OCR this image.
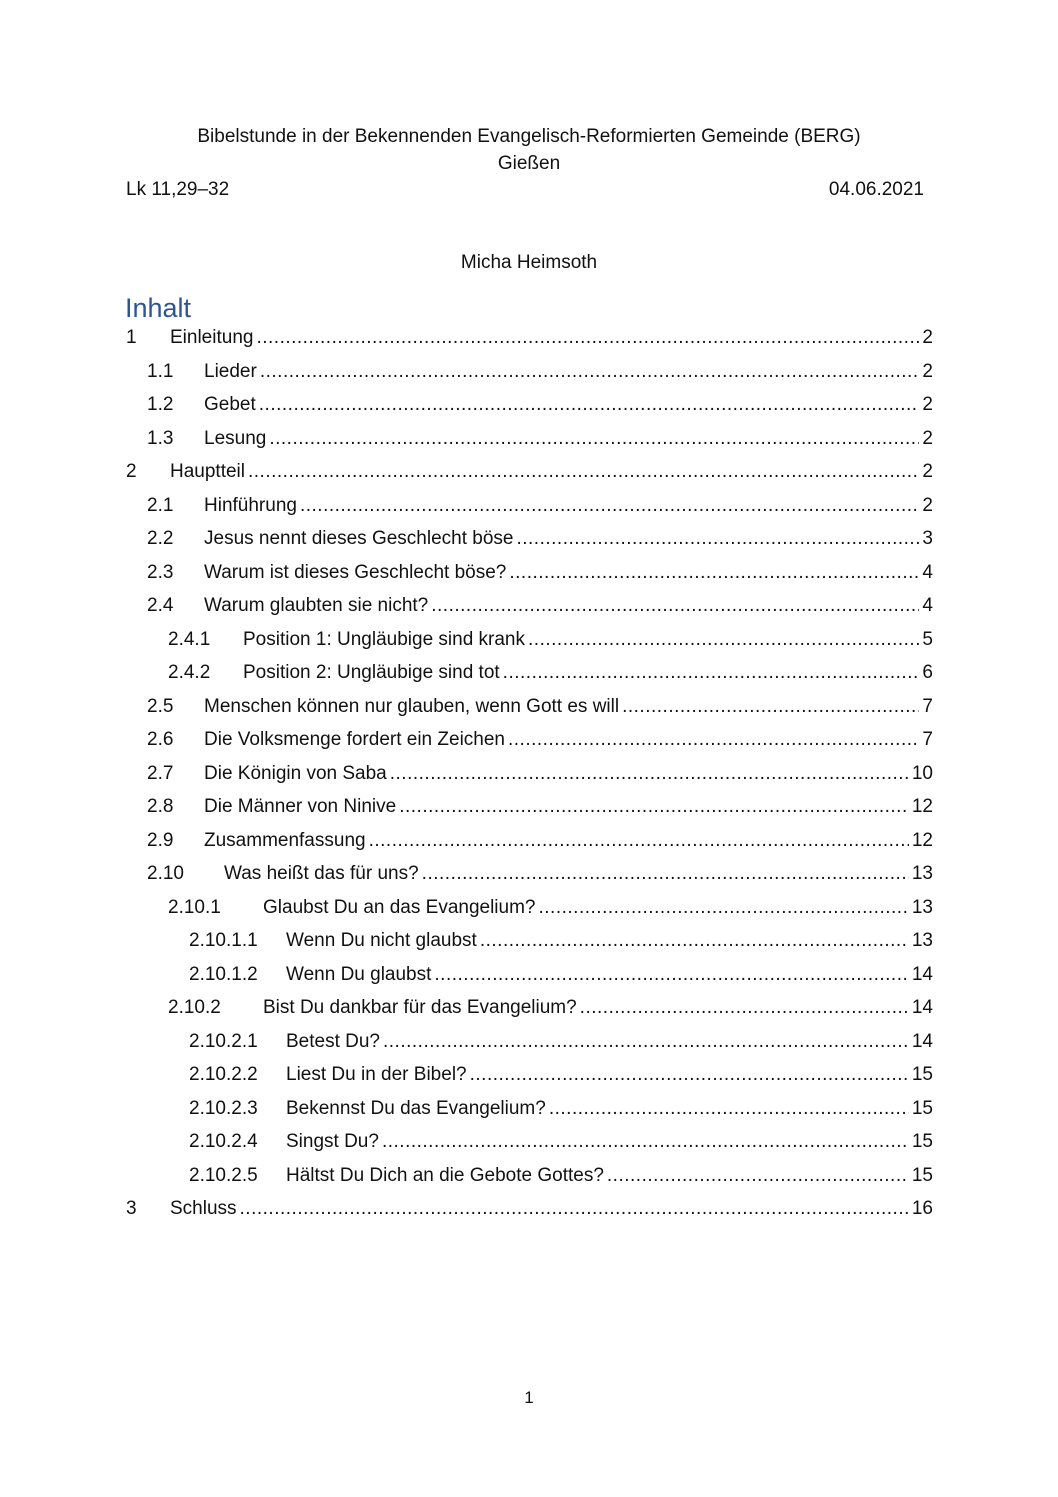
Bibelstunde in der Bekennenden Evangelisch-Reformierten Gemeinde (BERG)
Gießen
Lk 11,29–32	04.06.2021
Micha Heimsoth
Inhalt
1	Einleitung .....	2
1.1	Lieder .....	2
1.2	Gebet .....	2
1.3	Lesung .....	2
2	Hauptteil .....	2
2.1	Hinführung .....	2
2.2	Jesus nennt dieses Geschlecht böse .....	3
2.3	Warum ist dieses Geschlecht böse? .....	4
2.4	Warum glaubten sie nicht? .....	4
2.4.1	Position 1: Ungläubige sind krank .....	5
2.4.2	Position 2: Ungläubige sind tot .....	6
2.5	Menschen können nur glauben, wenn Gott es will .....	7
2.6	Die Volksmenge fordert ein Zeichen .....	7
2.7	Die Königin von Saba .....	10
2.8	Die Männer von Ninive .....	12
2.9	Zusammenfassung .....	12
2.10	Was heißt das für uns? .....	13
2.10.1	Glaubst Du an das Evangelium? .....	13
2.10.1.1	Wenn Du nicht glaubst .....	13
2.10.1.2	Wenn Du glaubst .....	14
2.10.2	Bist Du dankbar für das Evangelium? .....	14
2.10.2.1	Betest Du? .....	14
2.10.2.2	Liest Du in der Bibel? .....	15
2.10.2.3	Bekennst Du das Evangelium? .....	15
2.10.2.4	Singst Du? .....	15
2.10.2.5	Hältst Du Dich an die Gebote Gottes? .....	15
3	Schluss .....	16
1
